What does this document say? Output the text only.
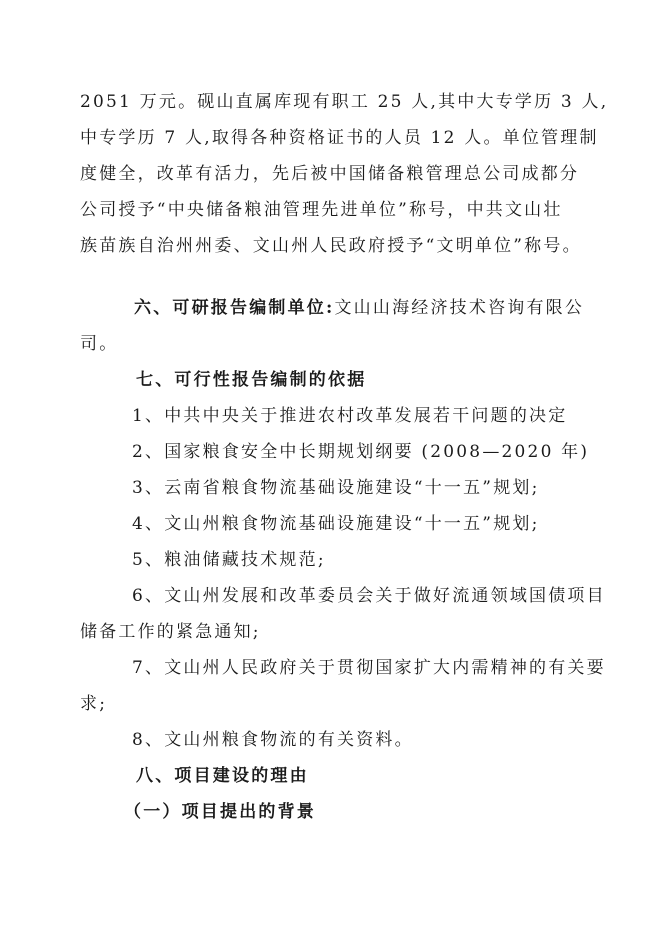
2051 万元。砚山直属库现有职工 25 人,其中大专学历 3 人,
中专学历 7 人,取得各种资格证书的人员 12 人。单位管理制
度健全，改革有活力，先后被中国储备粮管理总公司成都分
公司授予“中央储备粮油管理先进单位”称号，中共文山壮
族苗族自治州州委、文山州人民政府授予“文明单位”称号。
六、可研报告编制单位:文山山海经济技术咨询有限公
司。
七、可行性报告编制的依据
1、中共中央关于推进农村改革发展若干问题的决定
2、国家粮食安全中长期规划纲要 (2008—2020 年)
3、云南省粮食物流基础设施建设“十一五”规划;
4、文山州粮食物流基础设施建设“十一五”规划;
5、粮油储藏技术规范;
6、文山州发展和改革委员会关于做好流通领域国债项目
储备工作的紧急通知;
7、文山州人民政府关于贯彻国家扩大内需精神的有关要
求;
8、文山州粮食物流的有关资料。
八、项目建设的理由
（一）项目提出的背景
